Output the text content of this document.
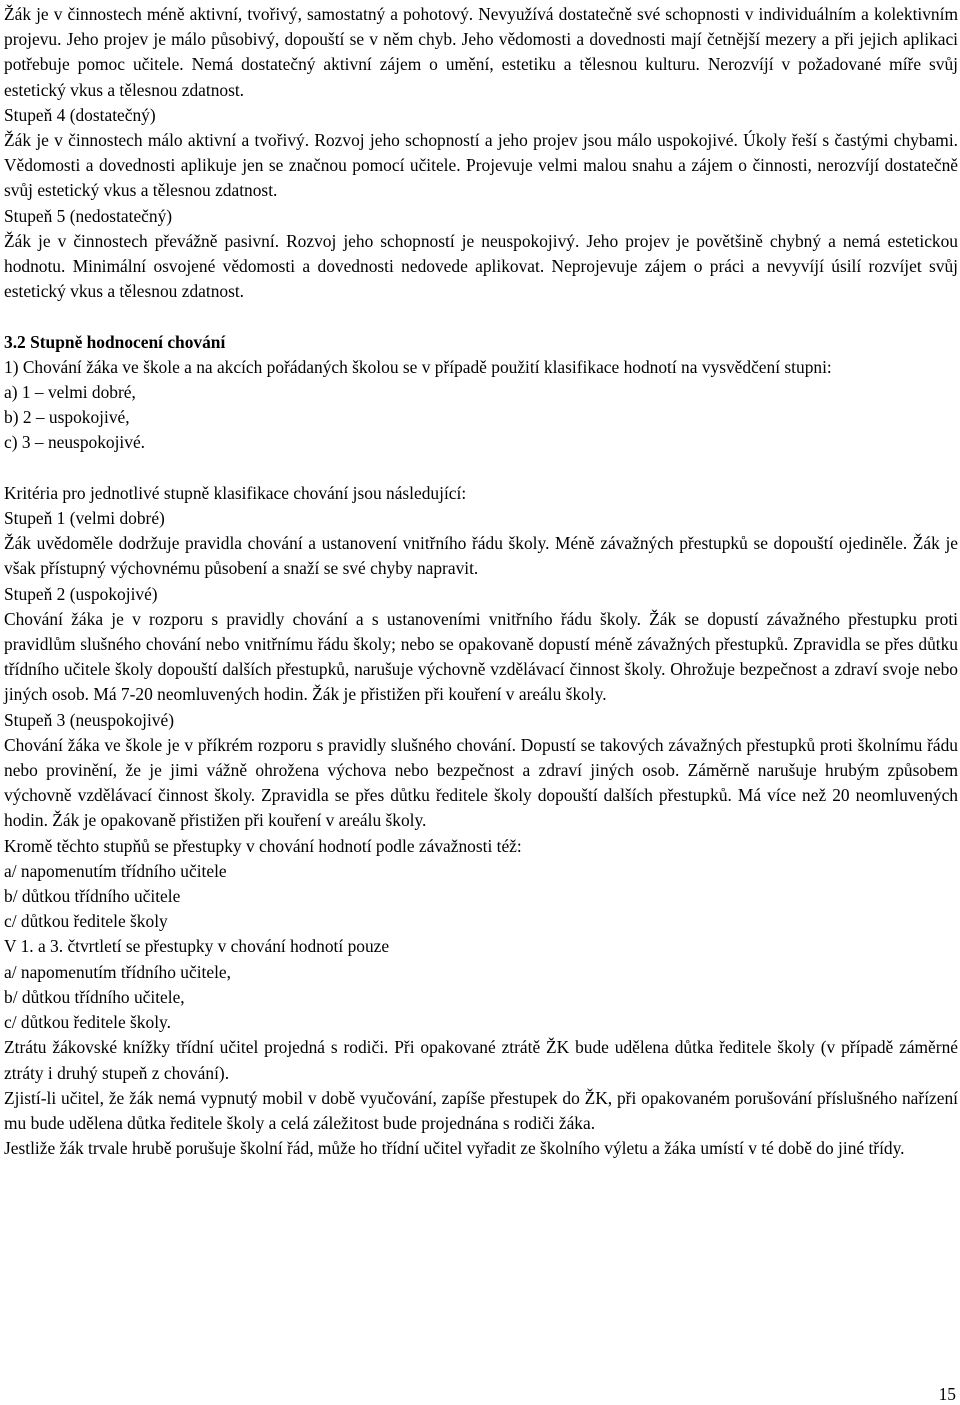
Žák je v činnostech méně aktivní, tvořivý, samostatný a pohotový. Nevyužívá dostatečně své schopnosti v individuálním a kolektivním projevu. Jeho projev je málo působivý, dopouští se v něm chyb. Jeho vědomosti a dovednosti mají četnější mezery a při jejich aplikaci potřebuje pomoc učitele. Nemá dostatečný aktivní zájem o umění, estetiku a tělesnou kulturu. Nerozvíjí v požadované míře svůj estetický vkus a tělesnou zdatnost.

Stupeň 4 (dostatečný)

Žák je v činnostech málo aktivní a tvořivý. Rozvoj jeho schopností a jeho projev jsou málo uspokojivé. Úkoly řeší s častými chybami. Vědomosti a dovednosti aplikuje jen se značnou pomocí učitele. Projevuje velmi malou snahu a zájem o činnosti, nerozvíjí dostatečně svůj estetický vkus a tělesnou zdatnost.

Stupeň 5 (nedostatečný)

Žák je v činnostech převážně pasivní. Rozvoj jeho schopností je neuspokojivý. Jeho projev je povětšině chybný a nemá estetickou hodnotu. Minimální osvojené vědomosti a dovednosti nedovede aplikovat. Neprojevuje zájem o práci a nevyvíjí úsilí rozvíjet svůj estetický vkus a tělesnou zdatnost.

3.2 Stupně hodnocení chování

1) Chování žáka ve škole a na akcích pořádaných školou se v případě použití klasifikace hodnotí na vysvědčení stupni:

a) 1 – velmi dobré,

b) 2 – uspokojivé,

c) 3 – neuspokojivé.

Kritéria pro jednotlivé stupně klasifikace chování jsou následující:

Stupeň 1 (velmi dobré)

Žák uvědoměle dodržuje pravidla chování a ustanovení vnitřního řádu školy. Méně závažných přestupků se dopouští ojediněle. Žák je však přístupný výchovnému působení a snaží se své chyby napravit.

Stupeň 2 (uspokojivé)

Chování žáka je v rozporu s pravidly chování a s ustanoveními vnitřního řádu školy. Žák se dopustí závažného přestupku proti pravidlům slušného chování nebo vnitřnímu řádu školy; nebo se opakovaně dopustí méně závažných přestupků. Zpravidla se přes důtku třídního učitele školy dopouští dalších přestupků, narušuje výchovně vzdělávací činnost školy. Ohrožuje bezpečnost a zdraví svoje nebo jiných osob. Má 7-20 neomluvených hodin. Žák je přistižen při kouření v areálu školy.

Stupeň 3 (neuspokojivé)

Chování žáka ve škole je v příkrém rozporu s pravidly slušného chování. Dopustí se takových závažných přestupků proti školnímu řádu nebo provinění, že je jimi vážně ohrožena výchova nebo bezpečnost a zdraví jiných osob. Záměrně narušuje hrubým způsobem výchovně vzdělávací činnost školy. Zpravidla se přes důtku ředitele školy dopouští dalších přestupků. Má více než 20 neomluvených hodin. Žák je opakovaně přistižen při kouření v areálu školy.

Kromě těchto stupňů se přestupky v chování hodnotí podle závažnosti též:

a/ napomenutím třídního učitele

b/ důtkou třídního učitele

c/ důtkou ředitele školy

V 1. a 3. čtvrtletí se přestupky v chování hodnotí pouze

a/ napomenutím třídního učitele,

b/ důtkou třídního učitele,

c/ důtkou ředitele školy.

Ztrátu žákovské knížky třídní učitel projedná s rodiči. Při opakované ztrátě ŽK bude udělena důtka ředitele školy (v případě záměrné ztráty i druhý stupeň z chování).

Zjistí-li učitel, že žák nemá vypnutý mobil v době vyučování, zapíše přestupek do ŽK, při opakovaném porušování příslušného nařízení mu bude udělena důtka ředitele školy a celá záležitost bude projednána s rodiči žáka.

Jestliže žák trvale hrubě porušuje školní řád, může ho třídní učitel vyřadit ze školního výletu a žáka umístí v té době do jiné třídy.

15
